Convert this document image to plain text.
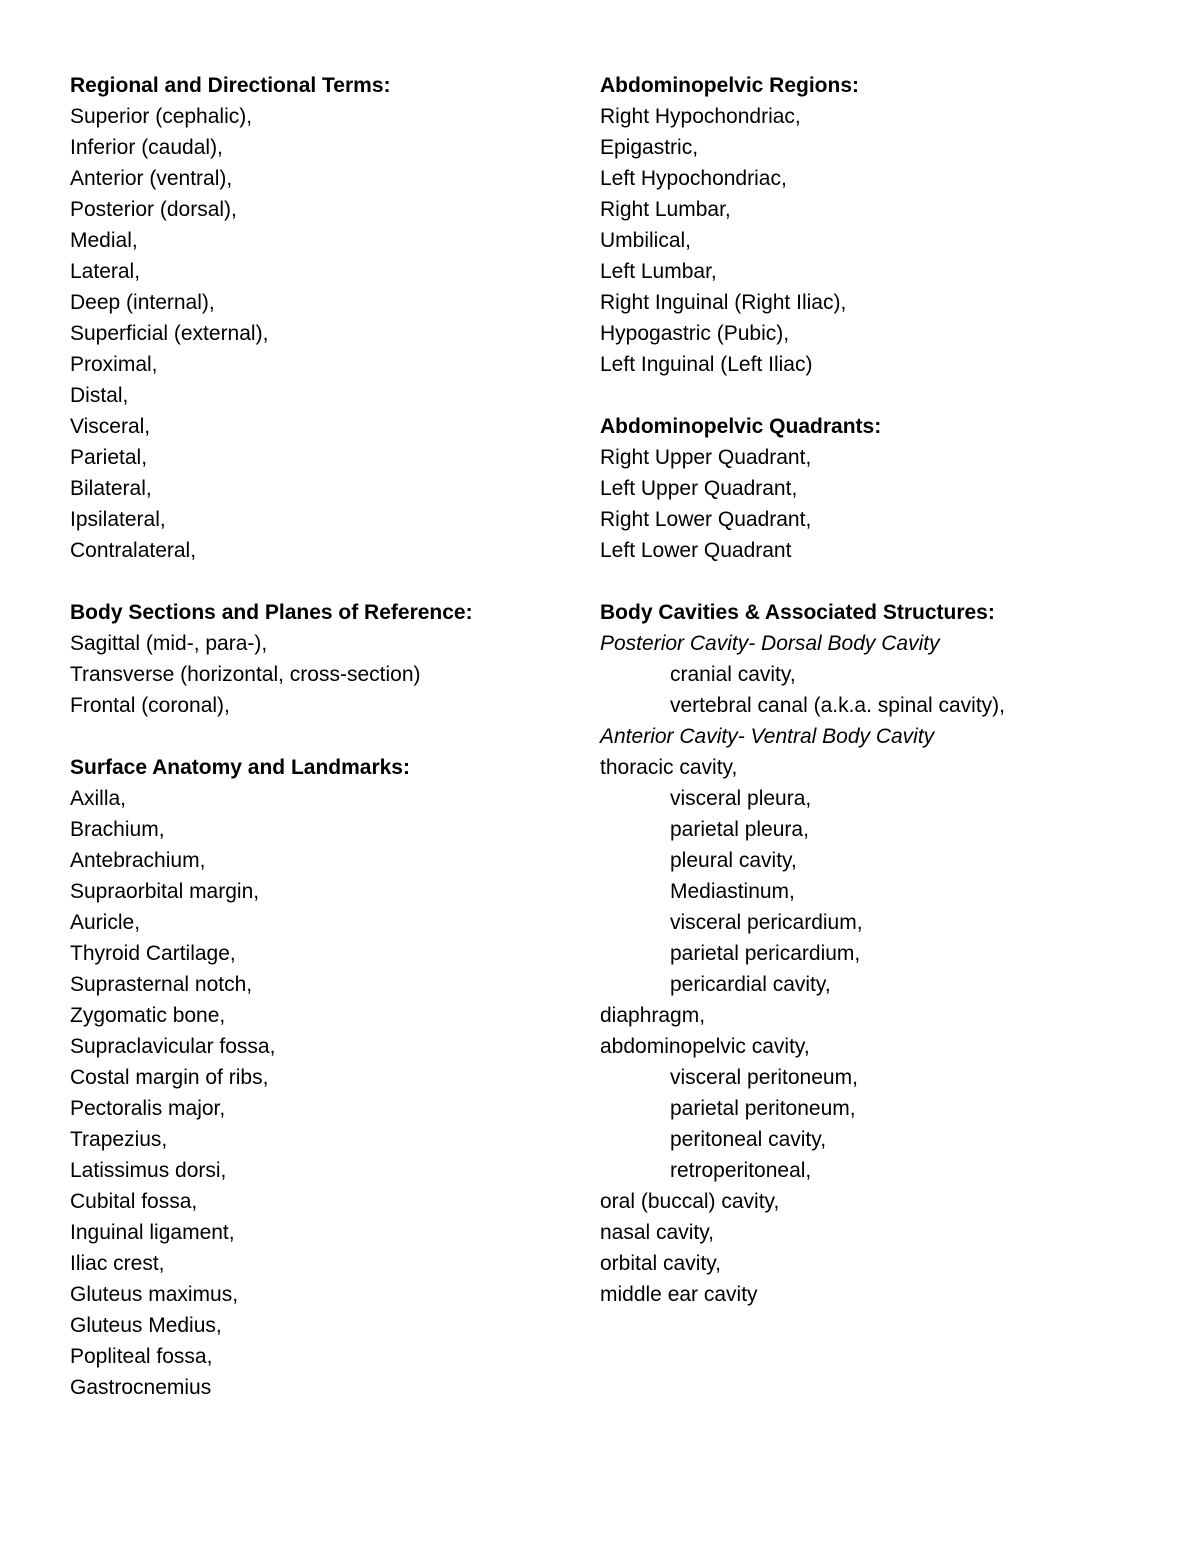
Regional and Directional Terms:
Superior (cephalic),
Inferior (caudal),
Anterior (ventral),
Posterior (dorsal),
Medial,
Lateral,
Deep (internal),
Superficial (external),
Proximal,
Distal,
Visceral,
Parietal,
Bilateral,
Ipsilateral,
Contralateral,
Body Sections and Planes of Reference:
Sagittal (mid-, para-),
Transverse (horizontal, cross-section)
Frontal (coronal),
Surface Anatomy and Landmarks:
Axilla,
Brachium,
Antebrachium,
Supraorbital margin,
Auricle,
Thyroid Cartilage,
Suprasternal notch,
Zygomatic bone,
Supraclavicular fossa,
Costal margin of ribs,
Pectoralis major,
Trapezius,
Latissimus dorsi,
Cubital fossa,
Inguinal ligament,
Iliac crest,
Gluteus maximus,
Gluteus Medius,
Popliteal fossa,
Gastrocnemius
Abdominopelvic Regions:
Right Hypochondriac,
Epigastric,
Left Hypochondriac,
Right Lumbar,
Umbilical,
Left Lumbar,
Right Inguinal (Right Iliac),
Hypogastric (Pubic),
Left Inguinal (Left Iliac)
Abdominopelvic Quadrants:
Right Upper Quadrant,
Left Upper Quadrant,
Right Lower Quadrant,
Left Lower Quadrant
Body Cavities & Associated Structures:
Posterior Cavity- Dorsal Body Cavity
cranial cavity,
vertebral canal (a.k.a. spinal cavity),
Anterior Cavity- Ventral Body Cavity
thoracic cavity,
visceral pleura,
parietal pleura,
pleural cavity,
Mediastinum,
visceral pericardium,
parietal pericardium,
pericardial cavity,
diaphragm,
abdominopelvic cavity,
visceral peritoneum,
parietal peritoneum,
peritoneal cavity,
retroperitoneal,
oral (buccal) cavity,
nasal cavity,
orbital cavity,
middle ear cavity
